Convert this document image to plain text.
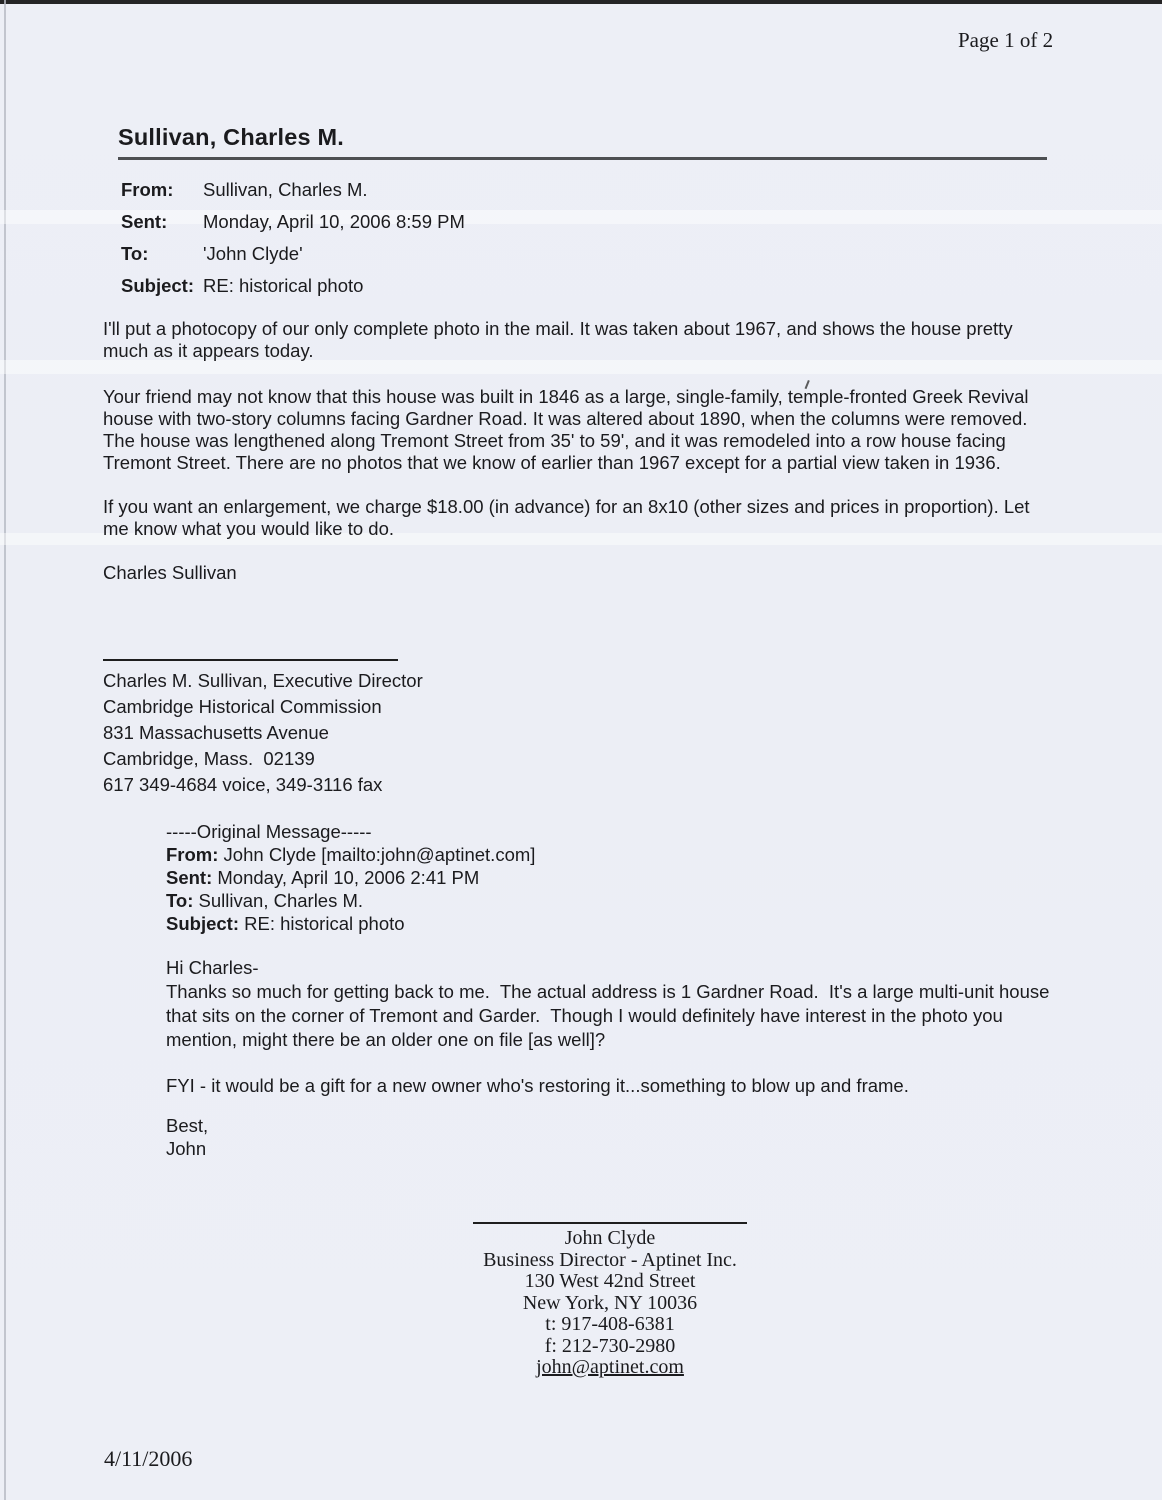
Page 1 of 2
Sullivan, Charles M.
From:	Sullivan, Charles M.
Sent:	Monday, April 10, 2006 8:59 PM
To:	'John Clyde'
Subject: RE: historical photo
I'll put a photocopy of our only complete photo in the mail. It was taken about 1967, and shows the house pretty much as it appears today.
Your friend may not know that this house was built in 1846 as a large, single-family, temple-fronted Greek Revival house with two-story columns facing Gardner Road. It was altered about 1890, when the columns were removed. The house was lengthened along Tremont Street from 35' to 59', and it was remodeled into a row house facing Tremont Street. There are no photos that we know of earlier than 1967 except for a partial view taken in 1936.
If you want an enlargement, we charge $18.00 (in advance) for an 8x10 (other sizes and prices in proportion). Let me know what you would like to do.
Charles Sullivan
Charles M. Sullivan, Executive Director
Cambridge Historical Commission
831 Massachusetts Avenue
Cambridge, Mass.  02139
617 349-4684 voice, 349-3116 fax
-----Original Message-----
From: John Clyde [mailto:john@aptinet.com]
Sent: Monday, April 10, 2006 2:41 PM
To: Sullivan, Charles M.
Subject: RE: historical photo
Hi Charles-
Thanks so much for getting back to me.  The actual address is 1 Gardner Road.  It's a large multi-unit house that sits on the corner of Tremont and Garder.  Though I would definitely have interest in the photo you mention, might there be an older one on file [as well]?
FYI - it would be a gift for a new owner who's restoring it...something to blow up and frame.
Best,
John
John Clyde
Business Director - Aptinet Inc.
130 West 42nd Street
New York, NY 10036
t: 917-408-6381
f: 212-730-2980
john@aptinet.com
4/11/2006
